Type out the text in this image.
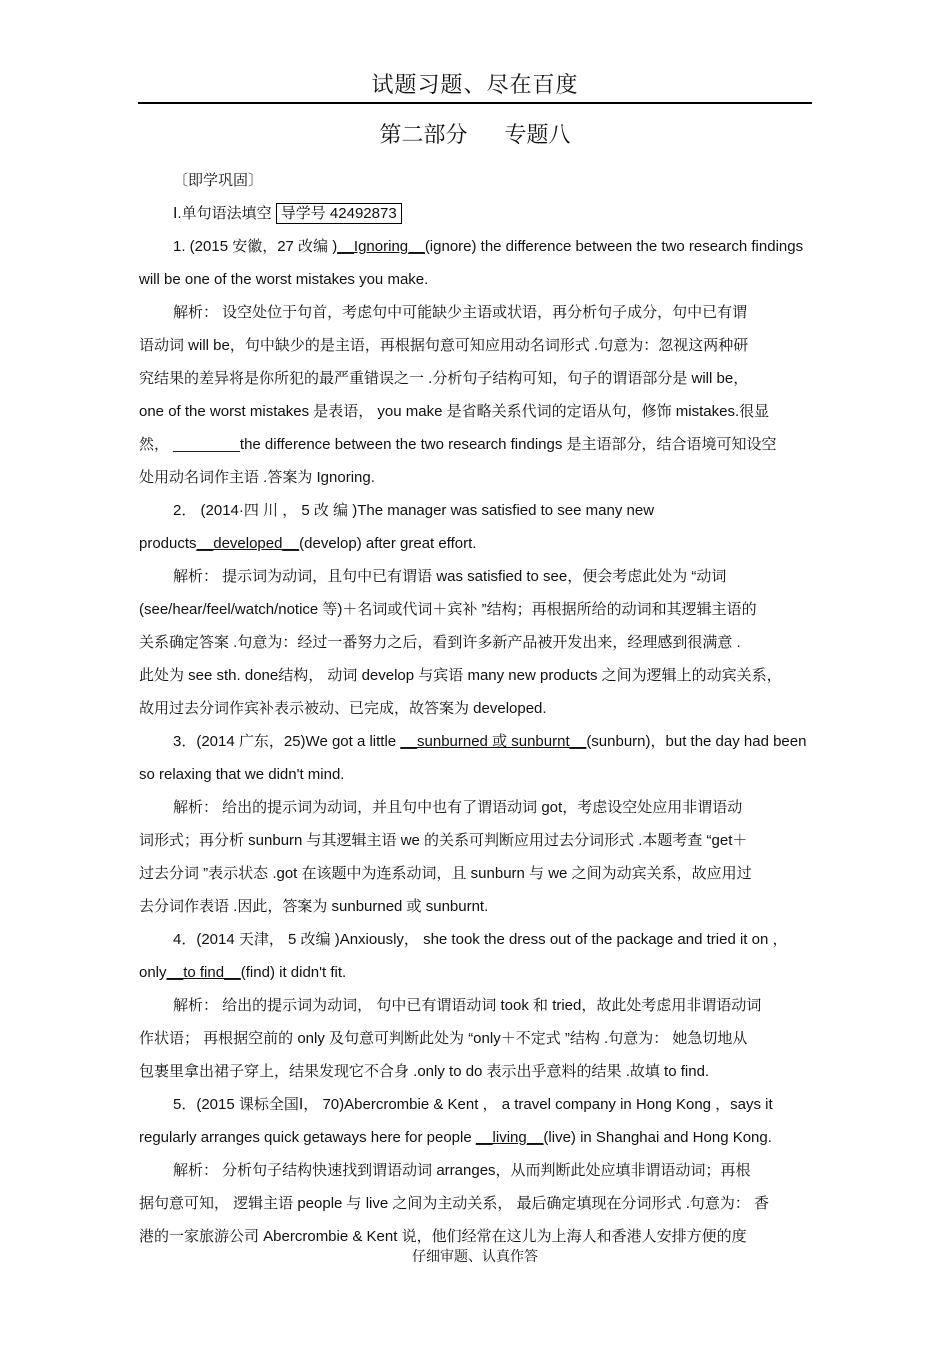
试题习题、尽在百度
第二部分 专题八
〔即学巩固〕
Ⅰ.单句语法填空 导学号 42492873
1. (2015 安徽，27 改编 )__Ignoring__(ignore) the difference between the two research findings
will be one of the worst mistakes you make.
解析： 设空处位于句首，考虑句中可能缺少主语或状语，再分析句子成分，句中已有谓
语动词 will be，句中缺少的是主语，再根据句意可知应用动名词形式 .句意为：忽视这两种研
究结果的差异将是你所犯的最严重错误之一 .分析句子结构可知，句子的谓语部分是 will be，
one of the worst mistakes 是表语， you make 是省略关系代词的定语从句，修饰 mistakes.很显
然， ________the difference between the two research findings 是主语部分，结合语境可知设空
处用动名词作主语 .答案为 Ignoring.
2． (2014·四 川 ， 5 改 编 )The manager was satisfied to see many new
products__developed__(develop) after great effort.
解析： 提示词为动词，且句中已有谓语 was satisfied to see，便会考虑此处为 “动词
(see/hear/feel/watch/notice 等)＋名词或代词＋宾补 ”结构；再根据所给的动词和其逻辑主语的
关系确定答案 .句意为：经过一番努力之后，看到许多新产品被开发出来，经理感到很满意 .
此处为 see sth. done结构， 动词 develop 与宾语 many new products 之间为逻辑上的动宾关系，
故用过去分词作宾补表示被动、已完成，故答案为 developed.
3．(2014 广东，25)We got a little __sunburned 或 sunburnt__(sunburn)，but the day had been
so relaxing that we didn't mind.
解析： 给出的提示词为动词，并且句中也有了谓语动词 got，考虑设空处应用非谓语动
词形式；再分析 sunburn 与其逻辑主语 we 的关系可判断应用过去分词形式 .本题考查 “get＋
过去分词 ”表示状态 .got 在该题中为连系动词，且 sunburn 与 we 之间为动宾关系，故应用过
去分词作表语 .因此，答案为 sunburned 或 sunburnt.
4．(2014 天津， 5 改编 )Anxiously， she took the dress out of the package and tried it on ，
only__to find__(find) it didn't fit.
解析： 给出的提示词为动词， 句中已有谓语动词 took 和 tried，故此处考虑用非谓语动词
作状语； 再根据空前的 only 及句意可判断此处为 “only＋不定式 ”结构 .句意为： 她急切地从
包裹里拿出裙子穿上，结果发现它不合身 .only to do 表示出乎意料的结果 .故填 to find.
5．(2015 课标全国Ⅰ， 70)Abercrombie & Kent ， a travel company in Hong Kong ，says it
regularly arranges quick getaways here for people __living__(live) in Shanghai and Hong Kong.
解析： 分析句子结构快速找到谓语动词 arranges，从而判断此处应填非谓语动词；再根
据句意可知， 逻辑主语 people 与 live 之间为主动关系， 最后确定填现在分词形式 .句意为： 香
港的一家旅游公司 Abercrombie & Kent 说，他们经常在这儿为上海人和香港人安排方便的度
仔细审题、认真作答
